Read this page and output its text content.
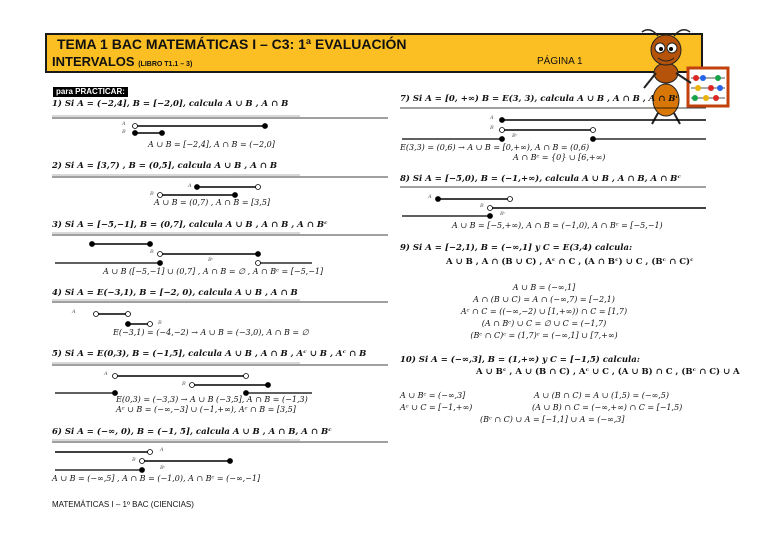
TEMA 1 BAC MATEMÁTICAS I – C3: 1ª EVALUACIÓN
INTERVALOS (LIBRO T1.1 – 3)	PÁGINA 1
para PRACTICAR:
A
B
A
B
B
Bᶜ
A
B
A
B
A
B
Bᶜ
A
B
Bᶜ
A
B
Bᶜ
1) Si A = (−2,4], B = [−2,0], calcula A ∪ B , A ∩ B
A ∪ B = [−2,4], A ∩ B = (−2,0]
2) Si A = [3,7) , B = (0,5], calcula A ∪ B , A ∩ B
A ∪ B = (0,7) , A ∩ B = [3,5]
3) Si A = [−5,−1], B = (0,7], calcula A ∪ B , A ∩ B , A ∩ Bᶜ
A ∪ B ([−5,−1] ∪ (0,7] , A ∩ B = ∅ , A ∩ Bᶜ = [−5,−1]
4) Si A = E(−3,1), B = [−2, 0), calcula A ∪ B , A ∩ B
E(−3,1) = (−4,−2) → A ∪ B = (−3,0), A ∩ B = ∅
5) Si A = E(0,3), B = (−1,5], calcula A ∪ B , A ∩ B , Aᶜ ∪ B , Aᶜ ∩ B
E(0,3) = (−3,3) → A ∪ B (−3,5], A ∩ B = (−1,3)
Aᶜ ∪ B = (−∞,−3] ∪ (−1,+∞), Aᶜ ∩ B = [3,5]
6) Si A = (−∞, 0), B = (−1, 5], calcula A ∪ B , A ∩ B, A ∩ Bᶜ
A ∪ B = (−∞,5] , A ∩ B = (−1,0), A ∩ Bᶜ = (−∞,−1]
7) Si A = [0, +∞) B = E(3, 3), calcula A ∪ B , A ∩ B , A ∩ Bᶜ
E(3,3) = (0,6) → A ∪ B = [0,+∞), A ∩ B = (0,6)
A ∩ Bᶜ = {0} ∪ [6,+∞)
8) Si A = [−5,0), B = (−1,+∞), calcula A ∪ B , A ∩ B, A ∩ Bᶜ
A ∪ B = [−5,+∞), A ∩ B = (−1,0), A ∩ Bᶜ = [−5,−1)
9) Si A = [−2,1), B = (−∞,1] y C = E(3,4) calcula:
A ∪ B , A ∩ (B ∪ C) , Aᶜ ∩ C , (A ∩ Bᶜ) ∪ C , (Bᶜ ∩ C)ᶜ
A ∪ B = (−∞,1]
A ∩ (B ∪ C) = A ∩ (−∞,7) = [−2,1)
Aᶜ ∩ C = ((−∞,−2) ∪ [1,+∞)) ∩ C = [1,7)
(A ∩ Bᶜ) ∪ C = ∅ ∪ C = (−1,7)
(Bᶜ ∩ C)ᶜ = (1,7)ᶜ = (−∞,1] ∪ [7,+∞)
10) Si A = (−∞,3], B = (1,+∞) y C = [−1,5) calcula:
A ∪ Bᶜ , A ∪ (B ∩ C) , Aᶜ ∪ C , (A ∪ B) ∩ C , (Bᶜ ∩ C) ∪ A
A ∪ Bᶜ = (−∞,3]	A ∪ (B ∩ C) = A ∪ (1,5) = (−∞,5)
Aᶜ ∪ C = [−1,+∞)	(A ∪ B) ∩ C = (−∞,+∞) ∩ C = [−1,5)
(Bᶜ ∩ C) ∪ A = [−1,1] ∪ A = (−∞,3]
MATEMÁTICAS I – 1º BAC (CIENCIAS)
